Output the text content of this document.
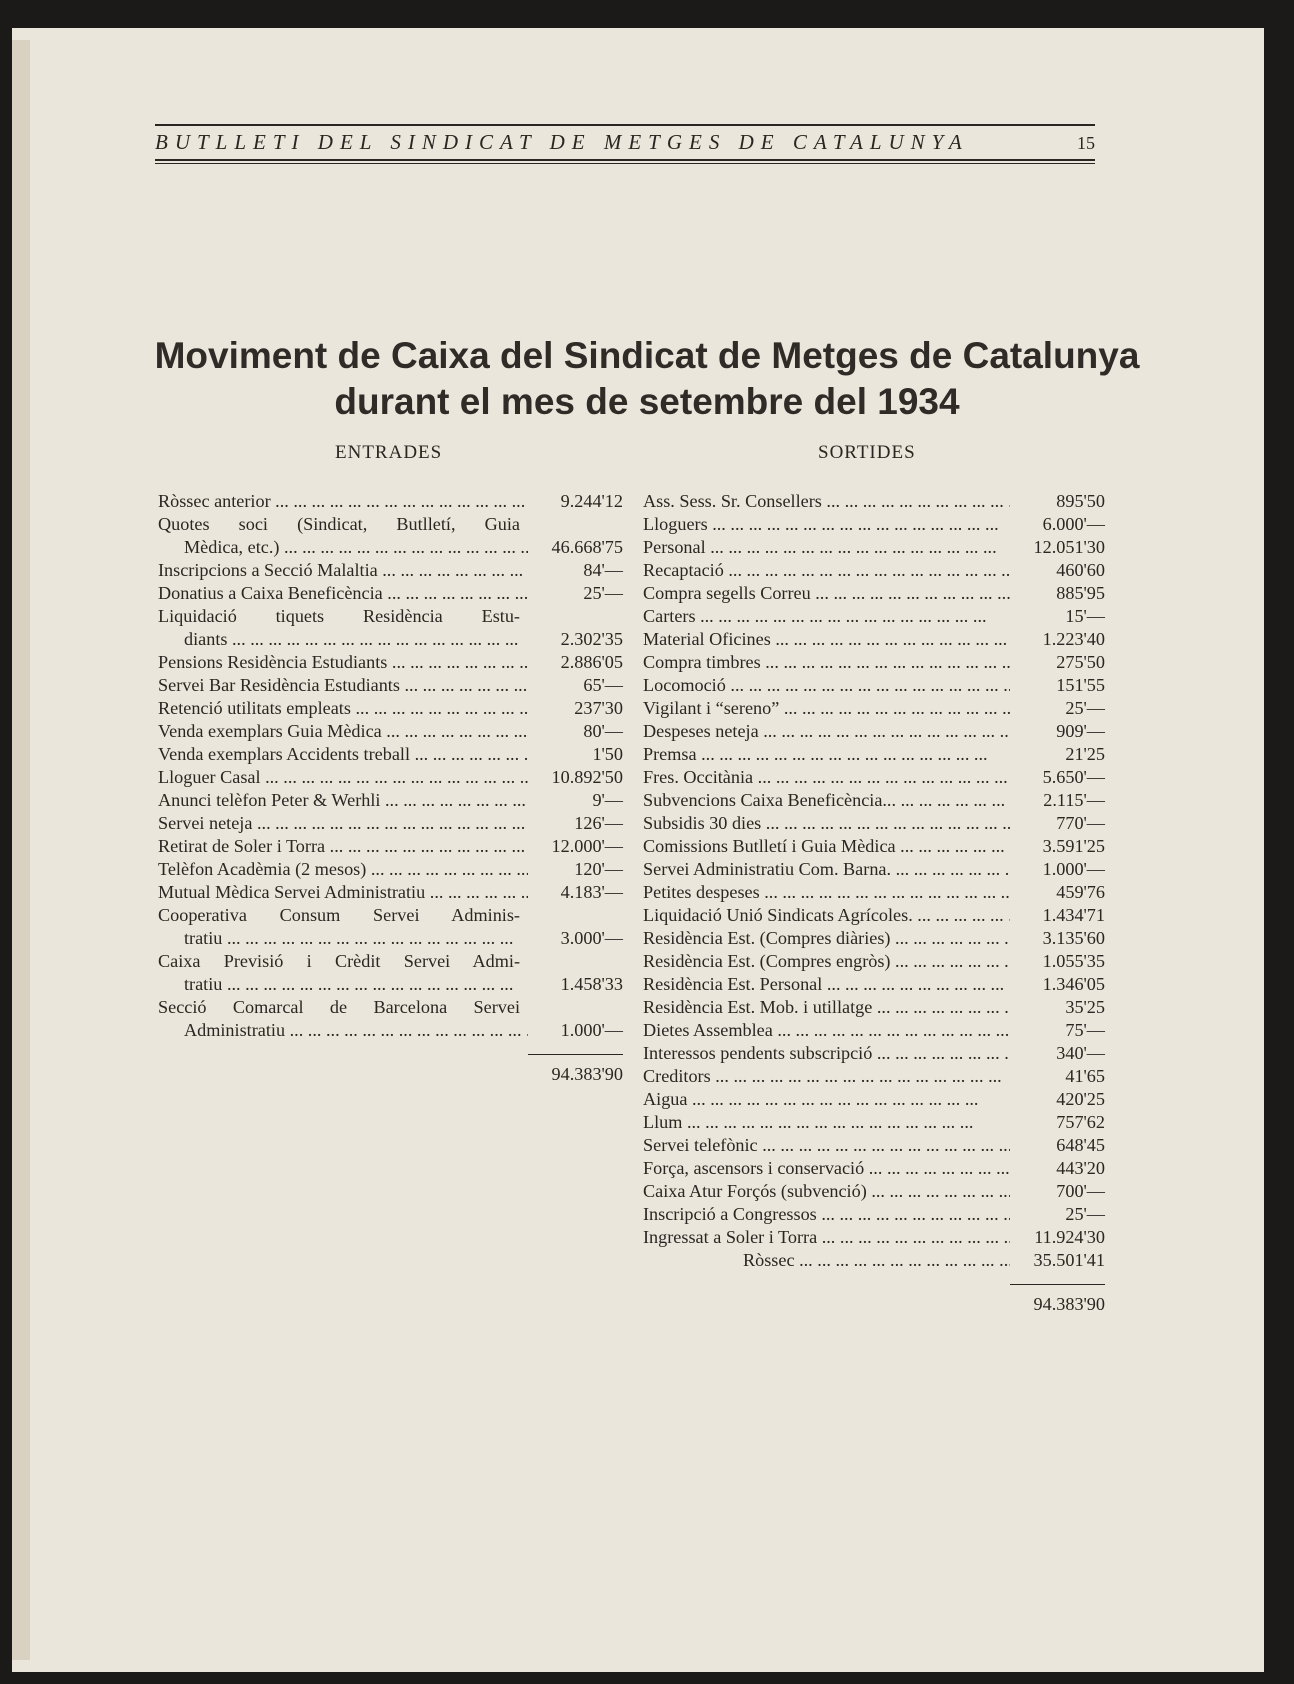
BUTLLETI DEL SINDICAT DE METGES DE CATALUNYA	15
Moviment de Caixa del Sindicat de Metges de Catalunya
durant el mes de setembre del 1934
ENTRADES	SORTIDES
Ròssec anterior ... .	9.244'12
Quotes soci (Sindicat, Butlletí, Guia
Mèdica, etc.) ... .	46.668'75
Inscripcions a Secció Malaltia ... .	84'—
Donatius a Caixa Beneficència ... .	25'—
Liquidació tiquets Residència Estu-
diants ... .	2.302'35
Pensions Residència Estudiants ... .	2.886'05
Servei Bar Residència Estudiants ... .	65'—
Retenció utilitats empleats ... .	237'30
Venda exemplars Guia Mèdica ... .	80'—
Venda exemplars Accidents treball ... .	1'50
Lloguer Casal ... .	10.892'50
Anunci telèfon Peter & Werhli ... .	9'—
Servei neteja ... .	126'—
Retirat de Soler i Torra ... .	12.000'—
Telèfon Acadèmia (2 mesos) ... .	120'—
Mutual Mèdica Servei Administratiu ... .	4.183'—
Cooperativa Consum Servei Adminis-
tratiu ... .	3.000'—
Caixa Previsió i Crèdit Servei Admi-
tratiu ... .	1.458'33
Secció Comarcal de Barcelona Servei
Administratiu ... .	1.000'—
94.383'90
Ass. Sess. Sr. Consellers ... .	895'50
Lloguers ... .	6.000'—
Personal ... .	12.051'30
Recaptació ... .	460'60
Compra segells Correu ... .	885'95
Carters ... .	15'—
Material Oficines ... .	1.223'40
Compra timbres ... .	275'50
Locomoció ... .	151'55
Vigilant i “sereno” ... .	25'—
Despeses neteja ... .	909'—
Premsa ... .	21'25
Fres. Occitània ... .	5.650'—
Subvencions Caixa Beneficència... ... .	2.115'—
Subsidis 30 dies ... .	770'—
Comissions Butlletí i Guia Mèdica ... .	3.591'25
Servei Administratiu Com. Barna. ... .	1.000'—
Petites despeses ... .	459'76
Liquidació Unió Sindicats Agrícoles. ... .	1.434'71
Residència Est. (Compres diàries) ... .	3.135'60
Residència Est. (Compres engròs) ... .	1.055'35
Residència Est. Personal ... .	1.346'05
Residència Est. Mob. i utillatge ... .	35'25
Dietes Assemblea ... .	75'—
Interessos pendents subscripció ... .	340'—
Creditors ... .	41'65
Aigua ... .	420'25
Llum ... .	757'62
Servei telefònic ... .	648'45
Força, ascensors i conservació ... .	443'20
Caixa Atur Forçós (subvenció) ... .	700'—
Inscripció a Congressos ... .	25'—
Ingressat a Soler i Torra ... .	11.924'30
Ròssec ... .	35.501'41
94.383'90
